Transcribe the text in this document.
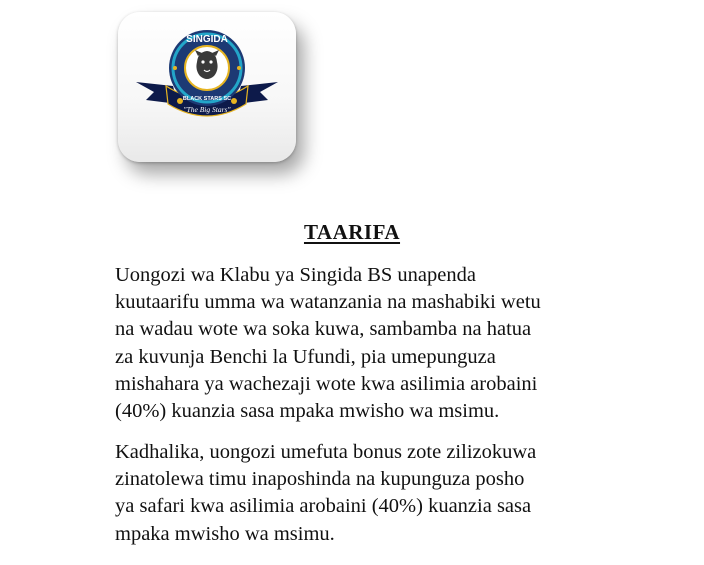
"The Big Stars"
SINGIDA
BLACK STARS SC
TAARIFA

Uongozi wa Klabu ya Singida BS unapenda
kuutaarifu umma wa watanzania na mashabiki wetu
na wadau wote wa soka kuwa, sambamba na hatua
za kuvunja Benchi la Ufundi, pia umepunguza
mishahara ya wachezaji wote kwa asilimia arobaini
(40%) kuanzia sasa mpaka mwisho wa msimu.

Kadhalika, uongozi umefuta bonus zote zilizokuwa
zinatolewa timu inaposhinda na kupunguza posho
ya safari kwa asilimia arobaini (40%) kuanzia sasa
mpaka mwisho wa msimu.
